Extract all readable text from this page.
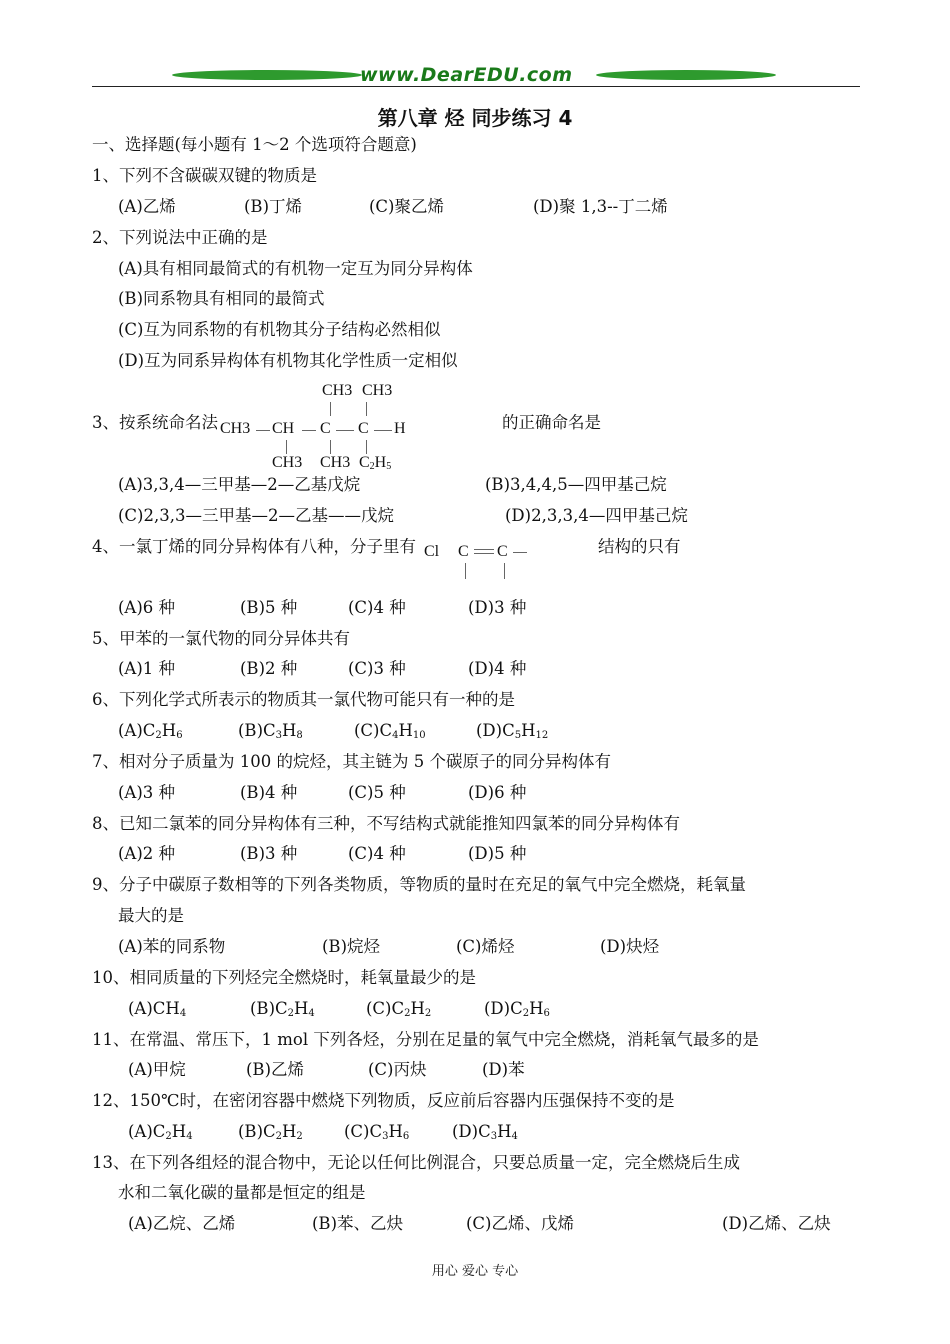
www.DearEDU.com
第八章 烃 同步练习 4
一、选择题(每小题有 1～2 个选项符合题意)
1、下列不含碳碳双键的物质是
(A)乙烯	(B)丁烯	(C)聚乙烯	(D)聚 1,3--丁二烯
2、下列说法中正确的是
(A)具有相同最简式的有机物一定互为同分异构体
(B)同系物具有相同的最简式
(C)互为同系物的有机物其分子结构必然相似
(D)互为同系异构体有机物其化学性质一定相似
3、按系统命名法	的正确命名是
CH3 CH3
CH3 CH C C H
CH3 CH3 $C_2H_5$
(A)3,3,4—三甲基—2—乙基戊烷	(B)3,4,4,5—四甲基己烷
(C)2,3,3—三甲基—2—乙基——戊烷	(D)2,3,3,4—四甲基己烷
4、一氯丁烯的同分异构体有八种，分子里有	结构的只有
Cl C C
(A)6 种	(B)5 种	(C)4 种	(D)3 种
5、甲苯的一氯代物的同分异体共有
(A)1 种	(B)2 种	(C)3 种	(D)4 种
6、下列化学式所表示的物质其一氯代物可能只有一种的是
$(A)C_2H_6$	$(B)C_3H_8$	$(C)C_4H_{10}$	$(D)C_5H_{12}$
7、相对分子质量为 100 的烷烃，其主链为 5 个碳原子的同分异构体有
(A)3 种	(B)4 种	(C)5 种	(D)6 种
8、已知二氯苯的同分异构体有三种，不写结构式就能推知四氯苯的同分异构体有
(A)2 种	(B)3 种	(C)4 种	(D)5 种
9、分子中碳原子数相等的下列各类物质，等物质的量时在充足的氧气中完全燃烧，耗氧量
最大的是
(A)苯的同系物	(B)烷烃	(C)烯烃	(D)炔烃
10、相同质量的下列烃完全燃烧时，耗氧量最少的是
$(A)CH_4$	$(B)C_2H_4$	$(C)C_2H_2$	$(D)C_2H_6$
11、在常温、常压下，1 mol 下列各烃，分别在足量的氧气中完全燃烧，消耗氧气最多的是
(A)甲烷	(B)乙烯	(C)丙炔	(D)苯
12、150℃时，在密闭容器中燃烧下列物质，反应前后容器内压强保持不变的是
$(A)C_2H_4$	$(B)C_2H_2$ $(C)C_3H_6$	$(D)C_3H_4$
13、在下列各组烃的混合物中，无论以任何比例混合，只要总质量一定，完全燃烧后生成
水和二氧化碳的量都是恒定的组是
(A)乙烷、乙烯	(B)苯、乙炔	(C)乙烯、戊烯	(D)乙烯、乙炔
用心 爱心 专心
